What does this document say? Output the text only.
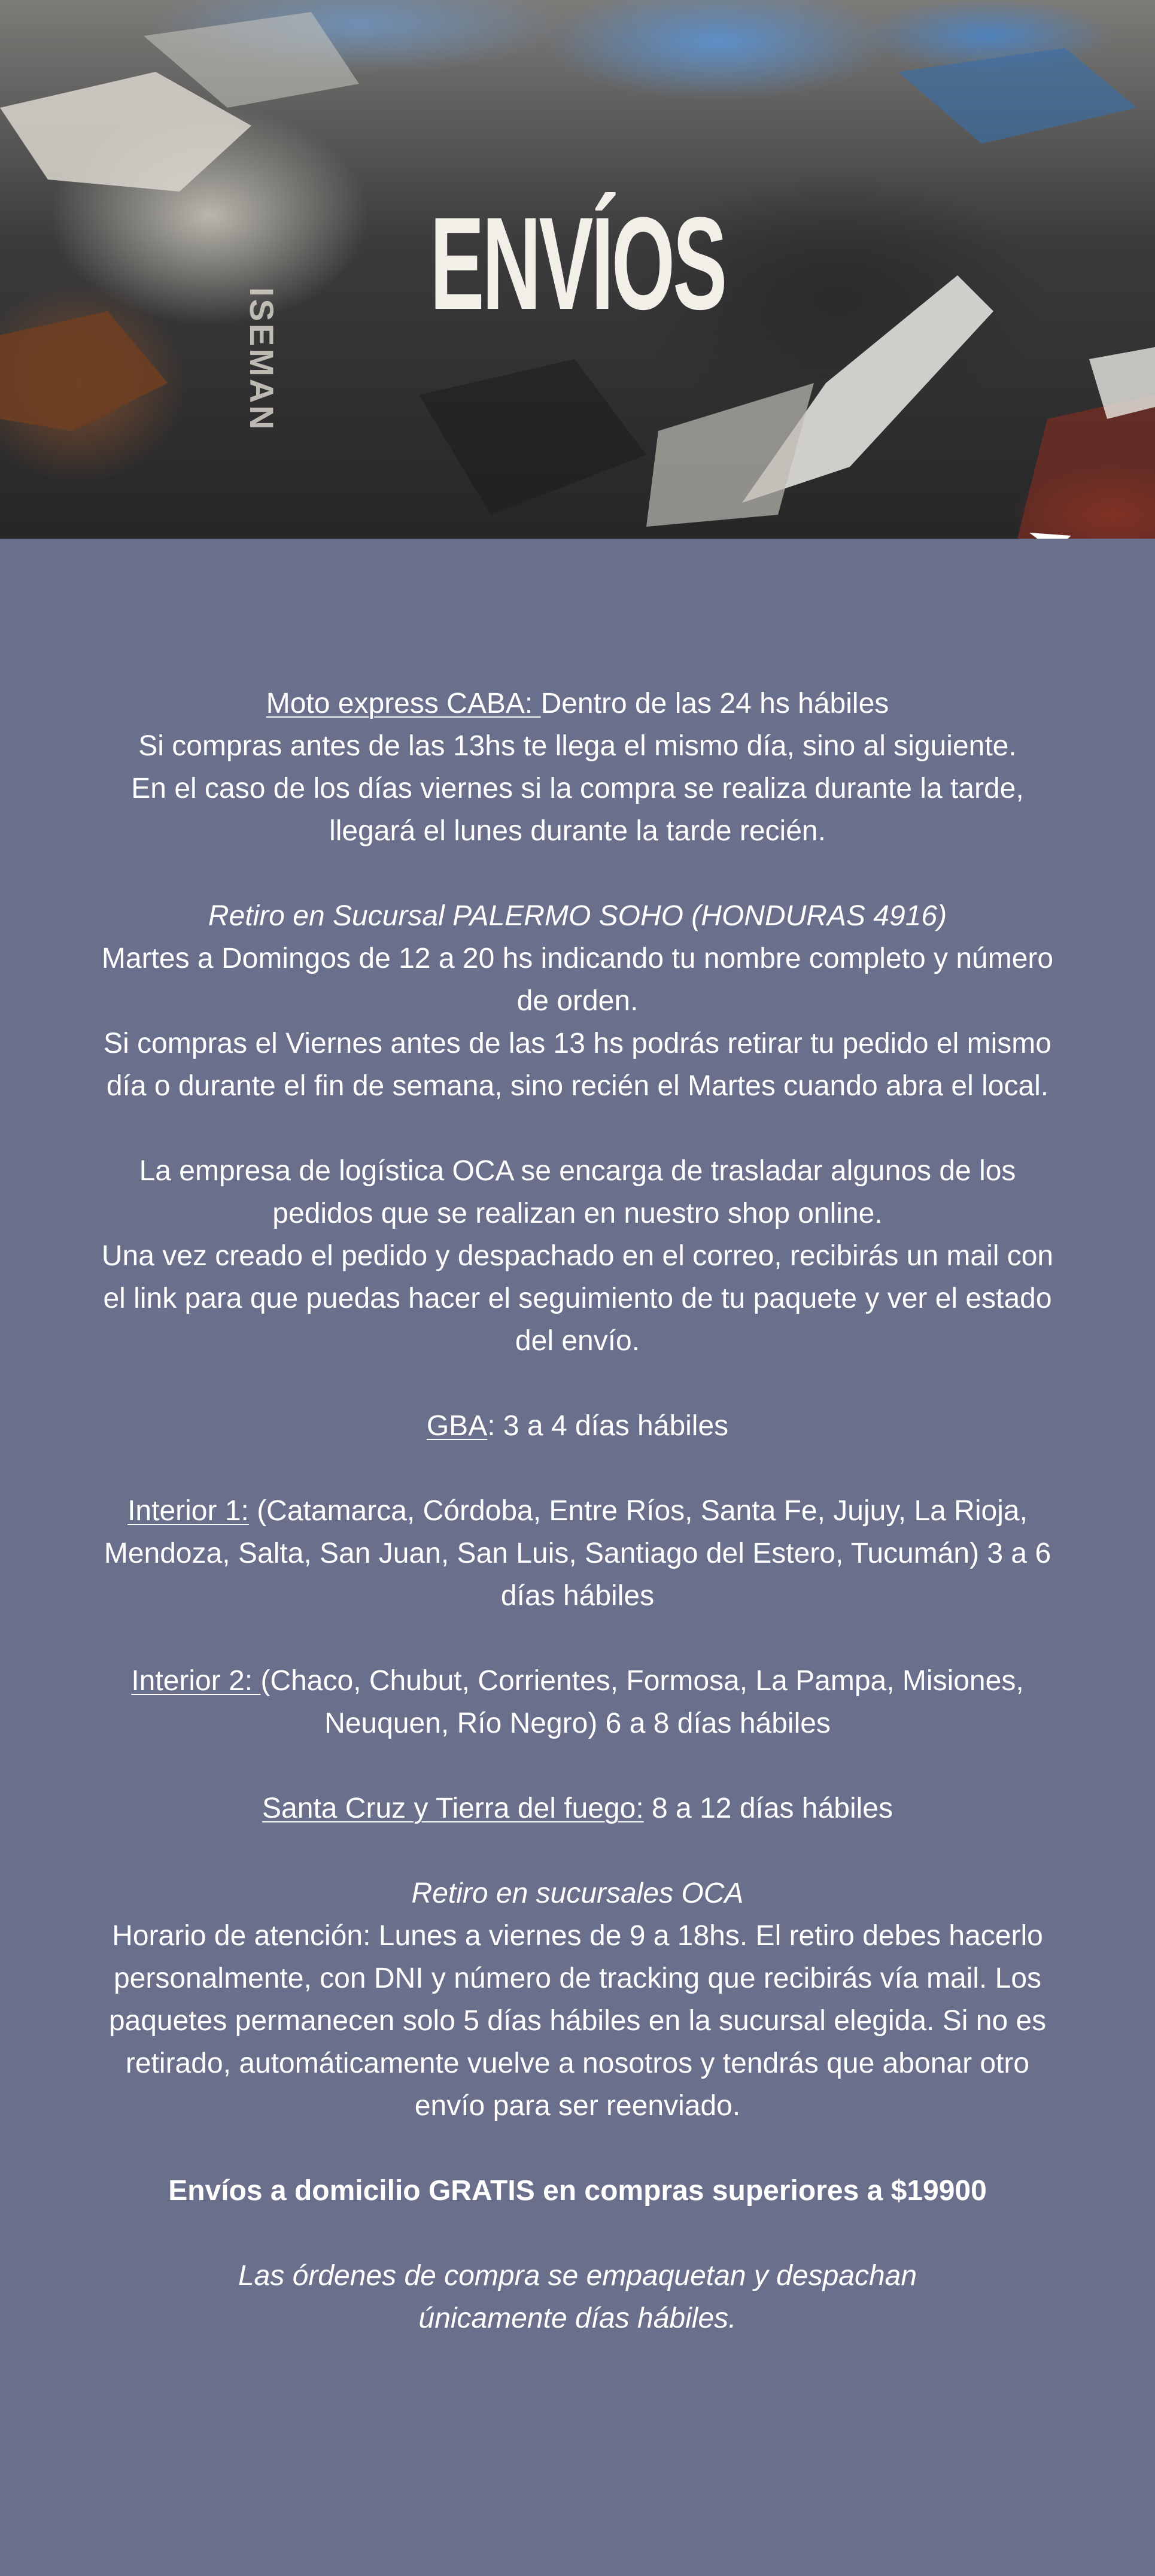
ISEMAN
ENVÍOS

Moto express CABA: Dentro de las 24 hs hábiles
Si compras antes de las 13hs te llega el mismo día, sino al siguiente.
En el caso de los días viernes si la compra se realiza durante la tarde, llegará el lunes durante la tarde recién.

Retiro en Sucursal PALERMO SOHO (HONDURAS 4916)
Martes a Domingos de 12 a 20 hs indicando tu nombre completo y número de orden.
Si compras el Viernes antes de las 13 hs podrás retirar tu pedido el mismo día o durante el fin de semana, sino recién el Martes cuando abra el local.

La empresa de logística OCA se encarga de trasladar algunos de los pedidos que se realizan en nuestro shop online.
Una vez creado el pedido y despachado en el correo, recibirás un mail con el link para que puedas hacer el seguimiento de tu paquete y ver el estado del envío.

GBA: 3 a 4 días hábiles

Interior 1: (Catamarca, Córdoba, Entre Ríos, Santa Fe, Jujuy, La Rioja, Mendoza, Salta, San Juan, San Luis, Santiago del Estero, Tucumán) 3 a 6 días hábiles

Interior 2: (Chaco, Chubut, Corrientes, Formosa, La Pampa, Misiones, Neuquen, Río Negro) 6 a 8 días hábiles

Santa Cruz y Tierra del fuego: 8 a 12 días hábiles

Retiro en sucursales OCA
Horario de atención: Lunes a viernes de 9 a 18hs. El retiro debes hacerlo personalmente, con DNI y número de tracking que recibirás vía mail. Los paquetes permanecen solo 5 días hábiles en la sucursal elegida. Si no es retirado, automáticamente vuelve a nosotros y tendrás que abonar otro envío para ser reenviado.

Envíos a domicilio GRATIS en compras superiores a $19900

Las órdenes de compra se empaquetan y despachan únicamente días hábiles.
